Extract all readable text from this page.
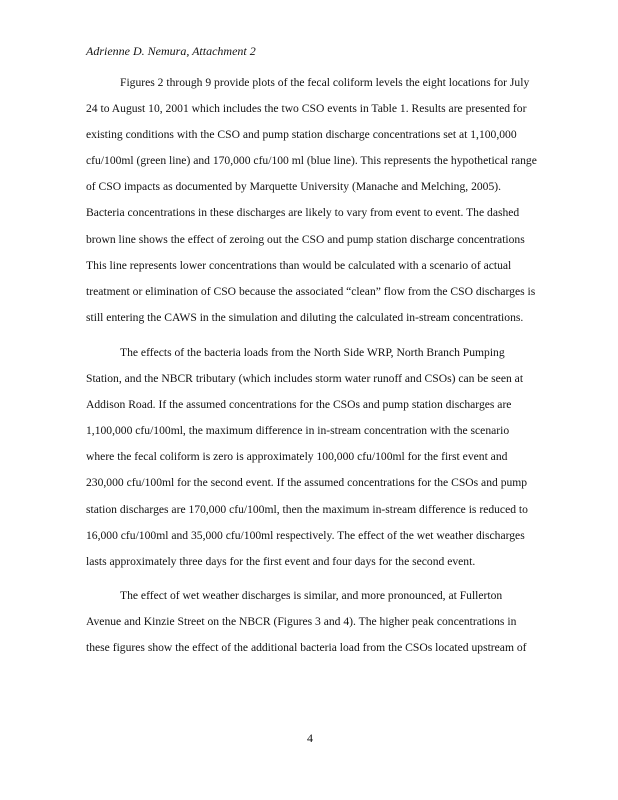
Adrienne D. Nemura, Attachment 2

Figures 2 through 9 provide plots of the fecal coliform levels the eight locations for July
24 to August 10, 2001 which includes the two CSO events in Table 1. Results are presented for
existing conditions with the CSO and pump station discharge concentrations set at 1,100,000
cfu/100ml (green line) and 170,000 cfu/100 ml (blue line). This represents the hypothetical range
of CSO impacts as documented by Marquette University (Manache and Melching, 2005).
Bacteria concentrations in these discharges are likely to vary from event to event. The dashed
brown line shows the effect of zeroing out the CSO and pump station discharge concentrations
This line represents lower concentrations than would be calculated with a scenario of actual
treatment or elimination of CSO because the associated “clean” flow from the CSO discharges is
still entering the CAWS in the simulation and diluting the calculated in-stream concentrations.

The effects of the bacteria loads from the North Side WRP, North Branch Pumping
Station, and the NBCR tributary (which includes storm water runoff and CSOs) can be seen at
Addison Road. If the assumed concentrations for the CSOs and pump station discharges are
1,100,000 cfu/100ml, the maximum difference in in-stream concentration with the scenario
where the fecal coliform is zero is approximately 100,000 cfu/100ml for the first event and
230,000 cfu/100ml for the second event. If the assumed concentrations for the CSOs and pump
station discharges are 170,000 cfu/100ml, then the maximum in-stream difference is reduced to
16,000 cfu/100ml and 35,000 cfu/100ml respectively. The effect of the wet weather discharges
lasts approximately three days for the first event and four days for the second event.

The effect of wet weather discharges is similar, and more pronounced, at Fullerton
Avenue and Kinzie Street on the NBCR (Figures 3 and 4). The higher peak concentrations in
these figures show the effect of the additional bacteria load from the CSOs located upstream of

4
